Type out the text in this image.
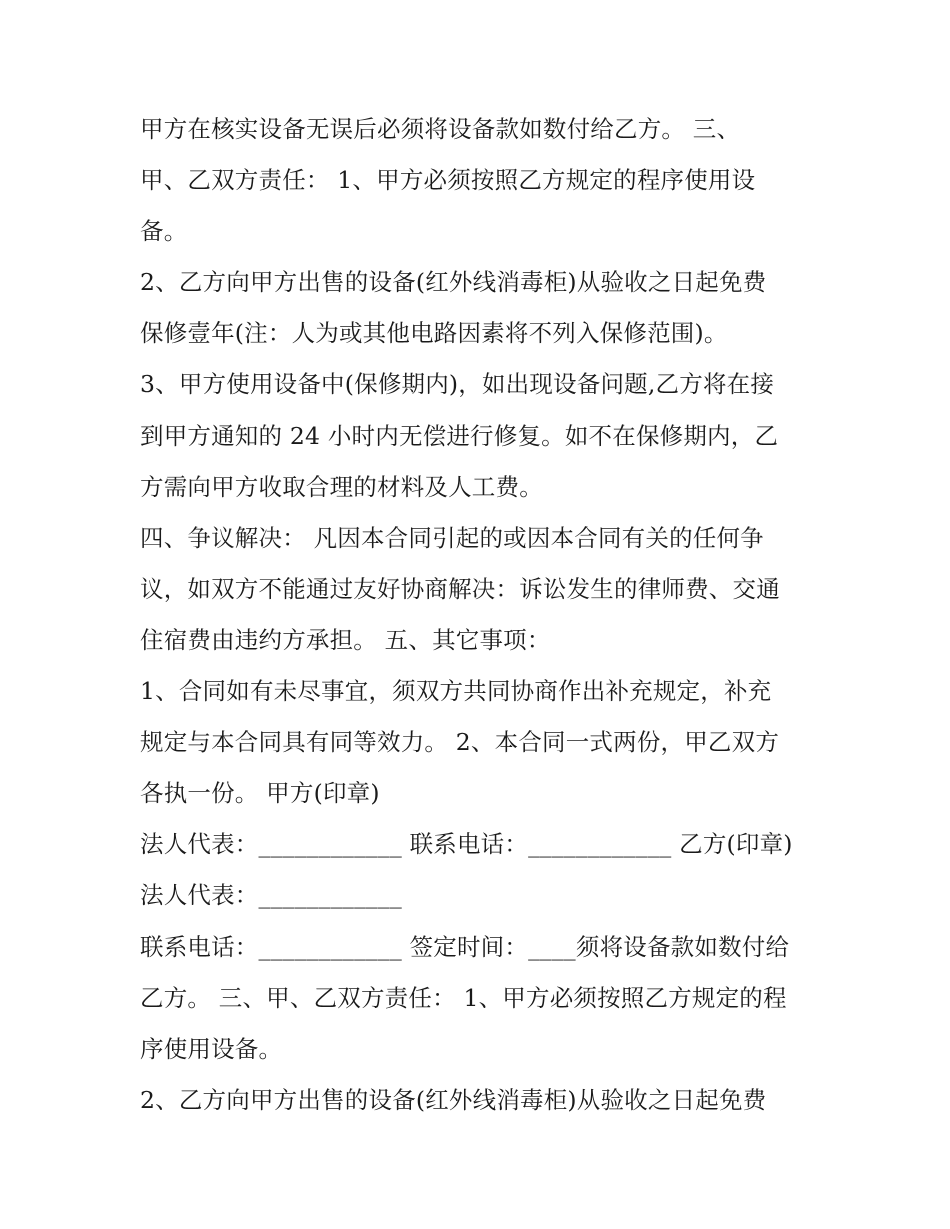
甲方在核实设备无误后必须将设备款如数付给乙方。 三、
甲、乙双方责任： 1、甲方必须按照乙方规定的程序使用设
备。
2、乙方向甲方出售的设备(红外线消毒柜)从验收之日起免费
保修壹年(注：人为或其他电路因素将不列入保修范围)。
3、甲方使用设备中(保修期内)，如出现设备问题,乙方将在接
到甲方通知的 24 小时内无偿进行修复。如不在保修期内，乙
方需向甲方收取合理的材料及人工费。
四、争议解决： 凡因本合同引起的或因本合同有关的任何争
议，如双方不能通过友好协商解决：诉讼发生的律师费、交通
住宿费由违约方承担。 五、其它事项：
1、合同如有未尽事宜，须双方共同协商作出补充规定，补充
规定与本合同具有同等效力。 2、本合同一式两份，甲乙双方
各执一份。 甲方(印章)
法人代表：____________ 联系电话：____________ 乙方(印章)
法人代表：____________
联系电话：____________ 签定时间：____须将设备款如数付给
乙方。 三、甲、乙双方责任： 1、甲方必须按照乙方规定的程
序使用设备。
2、乙方向甲方出售的设备(红外线消毒柜)从验收之日起免费
